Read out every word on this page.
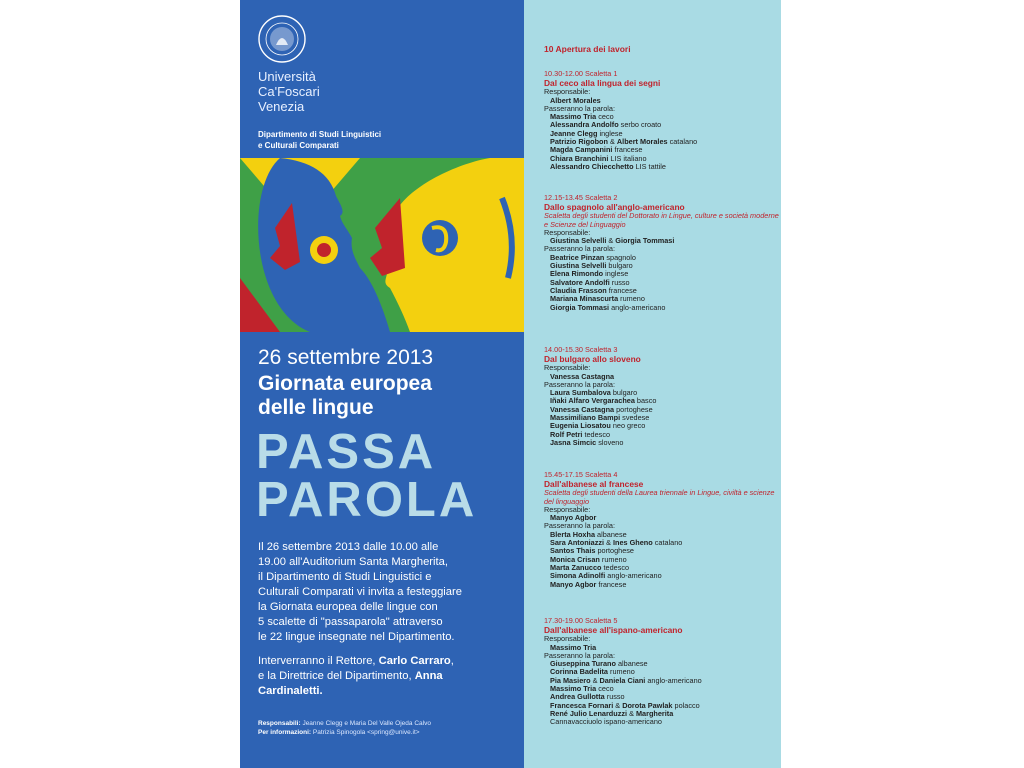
Università
Ca'Foscari
Venezia
Dipartimento di Studi Linguistici
e Culturali Comparati
26 settembre 2013
Giornata europea
delle lingue
PASSA
PAROLA
Il 26 settembre 2013 dalle 10.00 alle
19.00 all'Auditorium Santa Margherita,
il Dipartimento di Studi Linguistici e
Culturali Comparati vi invita a festeggiare
la Giornata europea delle lingue con
5 scalette di "passaparola" attraverso
le 22 lingue insegnate nel Dipartimento.
Interverranno il Rettore, Carlo Carraro,
e la Direttrice del Dipartimento, Anna
Cardinaletti.
Responsabili: Jeanne Clegg e Maria Del Valle Ojeda Calvo
Per informazioni: Patrizia Spinogola <spring@unive.it>
10 Apertura dei lavori
10.30-12.00 Scaletta 1
Dal ceco alla lingua dei segni
Responsabile:
Albert Morales
Passeranno la parola:
Massimo Tria ceco
Alessandra Andolfo serbo croato
Jeanne Clegg inglese
Patrizio Rigobon & Albert Morales catalano
Magda Campanini francese
Chiara Branchini LIS italiano
Alessandro Chiecchetto LIS tattile
12.15-13.45 Scaletta 2
Dallo spagnolo all'anglo-americano
Scaletta degli studenti del Dottorato in Lingue, culture e società moderne e Scienze del Linguaggio
Responsabile:
Giustina Selvelli & Giorgia Tommasi
Passeranno la parola:
Beatrice Pinzan spagnolo
Giustina Selvelli bulgaro
Elena Rimondo inglese
Salvatore Andolfi russo
Claudia Frasson francese
Mariana Minascurta rumeno
Giorgia Tommasi anglo-americano
14.00-15.30 Scaletta 3
Dal bulgaro allo sloveno
Responsabile:
Vanessa Castagna
Passeranno la parola:
Laura Sumbalova bulgaro
Iñaki Alfaro Vergarachea basco
Vanessa Castagna portoghese
Massimiliano Bampi svedese
Eugenia Liosatou neo greco
Rolf Petri tedesco
Jasna Simcic sloveno
15.45-17.15 Scaletta 4
Dall'albanese al francese
Scaletta degli studenti della Laurea triennale in Lingue, civiltà e scienze del linguaggio
Responsabile:
Manyo Agbor
Passeranno la parola:
Blerta Hoxha albanese
Sara Antoniazzi & Ines Gheno catalano
Santos Thais portoghese
Monica Crisan rumeno
Marta Zanucco tedesco
Simona Adinolfi anglo-americano
Manyo Agbor francese
17.30-19.00 Scaletta 5
Dall'albanese all'ispano-americano
Responsabile:
Massimo Tria
Passeranno la parola:
Giuseppina Turano albanese
Corinna Badelita rumeno
Pia Masiero & Daniela Ciani anglo-americano
Massimo Tria ceco
Andrea Gullotta russo
Francesca Fornari & Dorota Pawlak polacco
René Julio Lenarduzzi & Margherita
Cannavacciuolo ispano-americano
